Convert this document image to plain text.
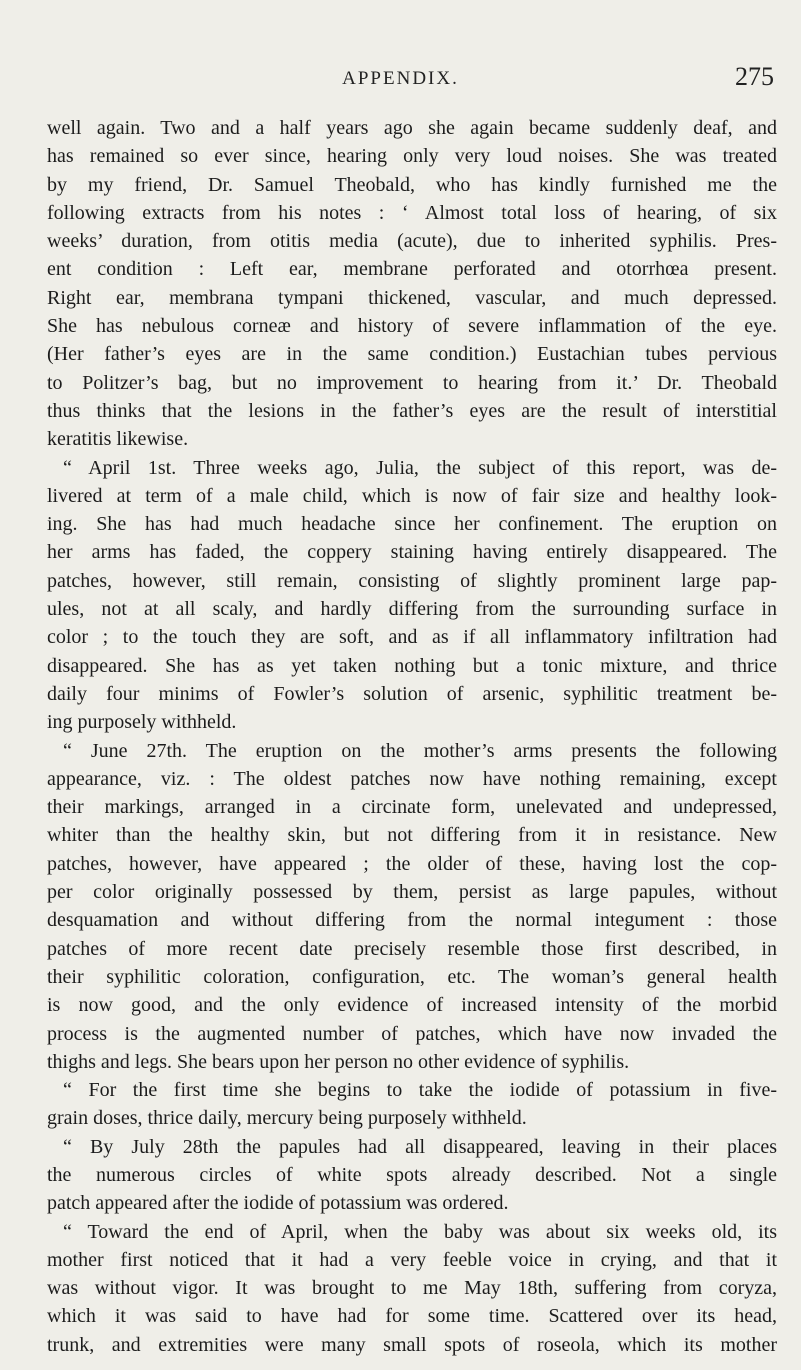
APPENDIX.	275

well again. Two and a half years ago she again became suddenly deaf, and

has remained so ever since, hearing only very loud noises. She was treated

by my friend, Dr. Samuel Theobald, who has kindly furnished me the

following extracts from his notes : ‘ Almost total loss of hearing, of six

weeks’ duration, from otitis media (acute), due to inherited syphilis. Pres-

ent condition : Left ear, membrane perforated and otorrhœa present.

Right ear, membrana tympani thickened, vascular, and much depressed.

She has nebulous corneæ and history of severe inflammation of the eye.

(Her father’s eyes are in the same condition.) Eustachian tubes pervious

to Politzer’s bag, but no improvement to hearing from it.’ Dr. Theobald

thus thinks that the lesions in the father’s eyes are the result of interstitial

keratitis likewise.

“ April 1st. Three weeks ago, Julia, the subject of this report, was de-

livered at term of a male child, which is now of fair size and healthy look-

ing. She has had much headache since her confinement. The eruption on

her arms has faded, the coppery staining having entirely disappeared. The

patches, however, still remain, consisting of slightly prominent large pap-

ules, not at all scaly, and hardly differing from the surrounding surface in

color ; to the touch they are soft, and as if all inflammatory infiltration had

disappeared. She has as yet taken nothing but a tonic mixture, and thrice

daily four minims of Fowler’s solution of arsenic, syphilitic treatment be-

ing purposely withheld.

“ June 27th. The eruption on the mother’s arms presents the following

appearance, viz. : The oldest patches now have nothing remaining, except

their markings, arranged in a circinate form, unelevated and undepressed,

whiter than the healthy skin, but not differing from it in resistance. New

patches, however, have appeared ; the older of these, having lost the cop-

per color originally possessed by them, persist as large papules, without

desquamation and without differing from the normal integument : those

patches of more recent date precisely resemble those first described, in

their syphilitic coloration, configuration, etc. The woman’s general health

is now good, and the only evidence of increased intensity of the morbid

process is the augmented number of patches, which have now invaded the

thighs and legs. She bears upon her person no other evidence of syphilis.

“ For the first time she begins to take the iodide of potassium in five-

grain doses, thrice daily, mercury being purposely withheld.

“ By July 28th the papules had all disappeared, leaving in their places

the numerous circles of white spots already described. Not a single

patch appeared after the iodide of potassium was ordered.

“ Toward the end of April, when the baby was about six weeks old, its

mother first noticed that it had a very feeble voice in crying, and that it

was without vigor. It was brought to me May 18th, suffering from coryza,

which it was said to have had for some time. Scattered over its head,

trunk, and extremities were many small spots of roseola, which its mother
